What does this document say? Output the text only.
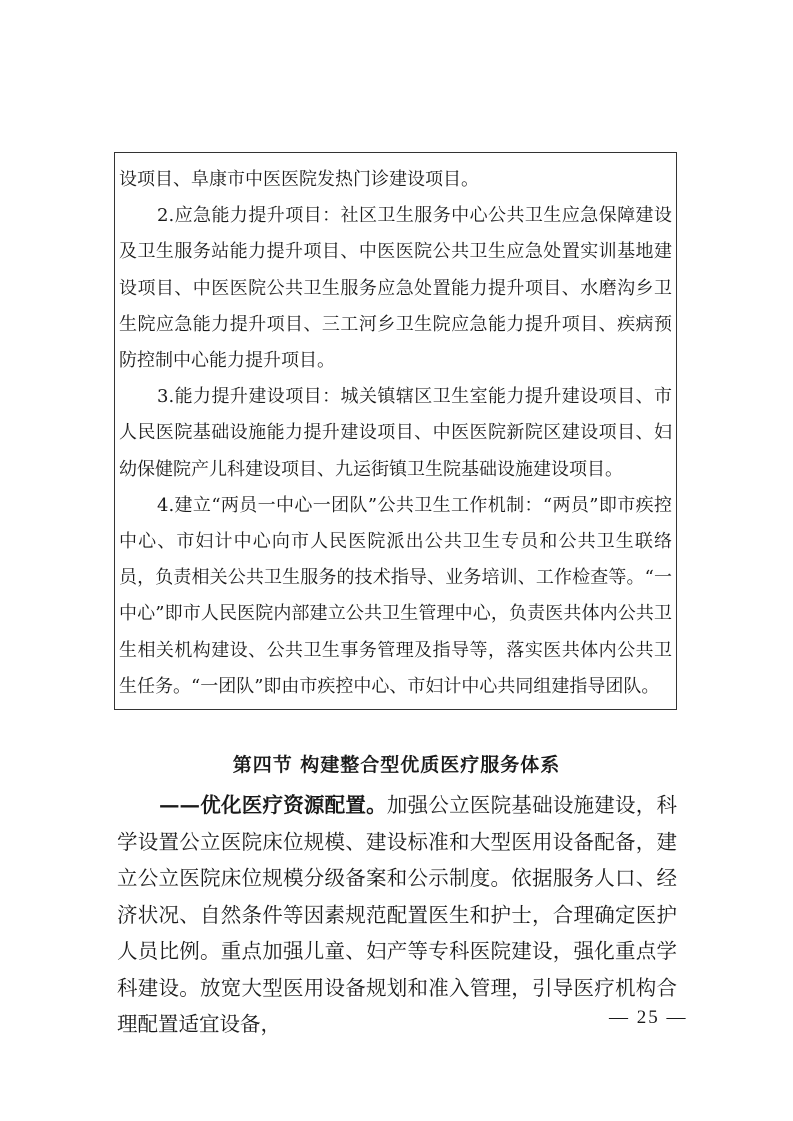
设项目、阜康市中医医院发热门诊建设项目。

2.应急能力提升项目：社区卫生服务中心公共卫生应急保障建设及卫生服务站能力提升项目、中医医院公共卫生应急处置实训基地建设项目、中医医院公共卫生服务应急处置能力提升项目、水磨沟乡卫生院应急能力提升项目、三工河乡卫生院应急能力提升项目、疾病预防控制中心能力提升项目。

3.能力提升建设项目：城关镇辖区卫生室能力提升建设项目、市人民医院基础设施能力提升建设项目、中医医院新院区建设项目、妇幼保健院产儿科建设项目、九运街镇卫生院基础设施建设项目。

4.建立“两员一中心一团队”公共卫生工作机制：“两员”即市疾控中心、市妇计中心向市人民医院派出公共卫生专员和公共卫生联络员，负责相关公共卫生服务的技术指导、业务培训、工作检查等。“一中心”即市人民医院内部建立公共卫生管理中心，负责医共体内公共卫生相关机构建设、公共卫生事务管理及指导等，落实医共体内公共卫生任务。“一团队”即由市疾控中心、市妇计中心共同组建指导团队。

第四节 构建整合型优质医疗服务体系

——优化医疗资源配置。加强公立医院基础设施建设，科学设置公立医院床位规模、建设标准和大型医用设备配备，建立公立医院床位规模分级备案和公示制度。依据服务人口、经济状况、自然条件等因素规范配置医生和护士，合理确定医护人员比例。重点加强儿童、妇产等专科医院建设，强化重点学科建设。放宽大型医用设备规划和准入管理，引导医疗机构合理配置适宜设备，	— 25 —
